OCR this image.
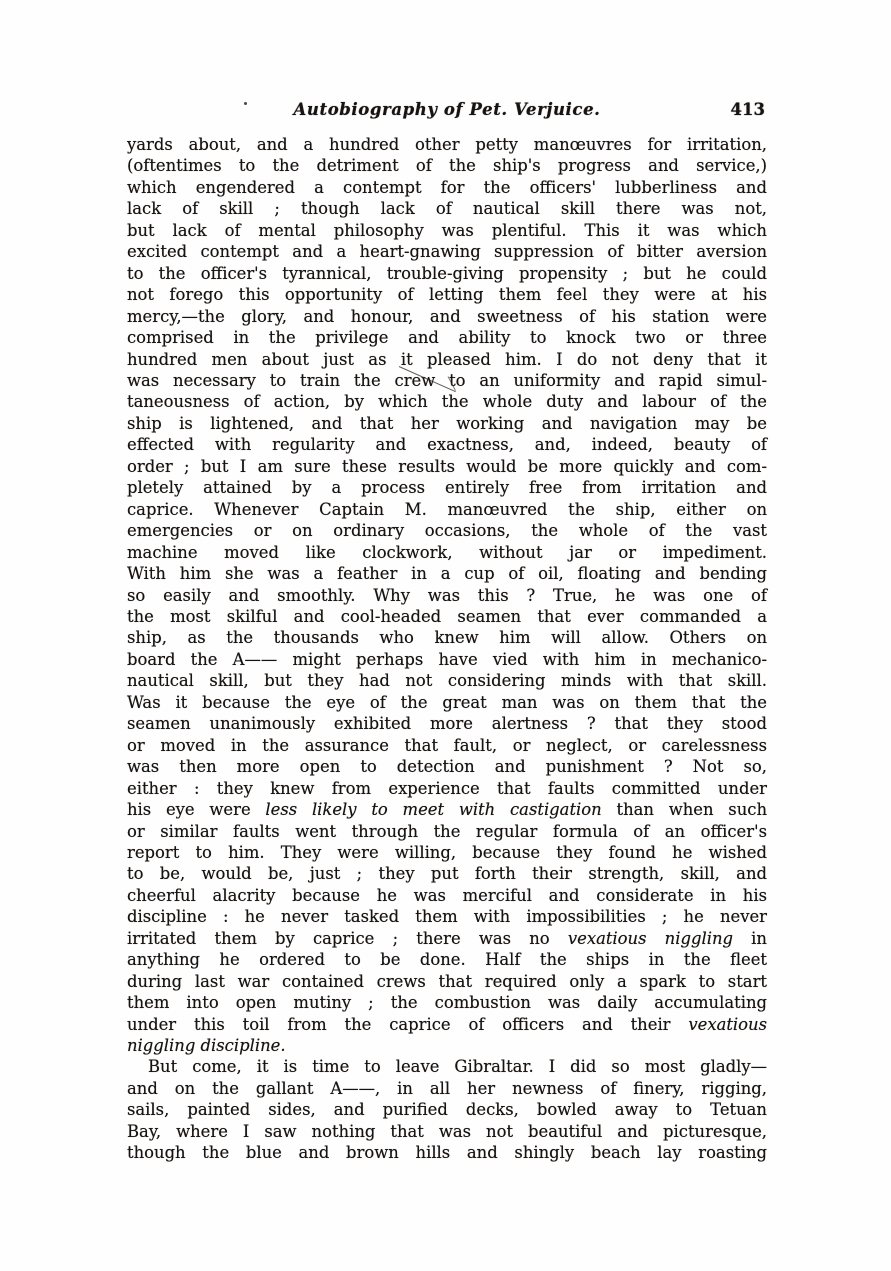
Autobiography of Pet. Verjuice.	413
yards about, and a hundred other petty manœuvres for irritation,
(oftentimes to the detriment of the ship's progress and service,)
which engendered a contempt for the officers' lubberliness and
lack of skill ; though lack of nautical skill there was not,
but lack of mental philosophy was plentiful. This it was which
excited contempt and a heart-gnawing suppression of bitter aversion
to the officer's tyrannical, trouble-giving propensity ; but he could
not forego this opportunity of letting them feel they were at his
mercy,—the glory, and honour, and sweetness of his station were
comprised in the privilege and ability to knock two or three
hundred men about just as it pleased him. I do not deny that it
was necessary to train the crew to an uniformity and rapid simul-
taneousness of action, by which the whole duty and labour of the
ship is lightened, and that her working and navigation may be
effected with regularity and exactness, and, indeed, beauty of
order ; but I am sure these results would be more quickly and com-
pletely attained by a process entirely free from irritation and
caprice. Whenever Captain M. manœuvred the ship, either on
emergencies or on ordinary occasions, the whole of the vast
machine moved like clockwork, without jar or impediment.
With him she was a feather in a cup of oil, floating and bending
so easily and smoothly. Why was this ? True, he was one of
the most skilful and cool-headed seamen that ever commanded a
ship, as the thousands who knew him will allow. Others on
board the A—— might perhaps have vied with him in mechanico-
nautical skill, but they had not considering minds with that skill.
Was it because the eye of the great man was on them that the
seamen unanimously exhibited more alertness ? that they stood
or moved in the assurance that fault, or neglect, or carelessness
was then more open to detection and punishment ? Not so,
either : they knew from experience that faults committed under
his eye were less likely to meet with castigation than when such
or similar faults went through the regular formula of an officer's
report to him. They were willing, because they found he wished
to be, would be, just ; they put forth their strength, skill, and
cheerful alacrity because he was merciful and considerate in his
discipline : he never tasked them with impossibilities ; he never
irritated them by caprice ; there was no vexatious niggling in
anything he ordered to be done. Half the ships in the fleet
during last war contained crews that required only a spark to start
them into open mutiny ; the combustion was daily accumulating
under this toil from the caprice of officers and their vexatious
niggling discipline.
But come, it is time to leave Gibraltar. I did so most gladly—
and on the gallant A——, in all her newness of finery, rigging,
sails, painted sides, and purified decks, bowled away to Tetuan
Bay, where I saw nothing that was not beautiful and picturesque,
though the blue and brown hills and shingly beach lay roasting
